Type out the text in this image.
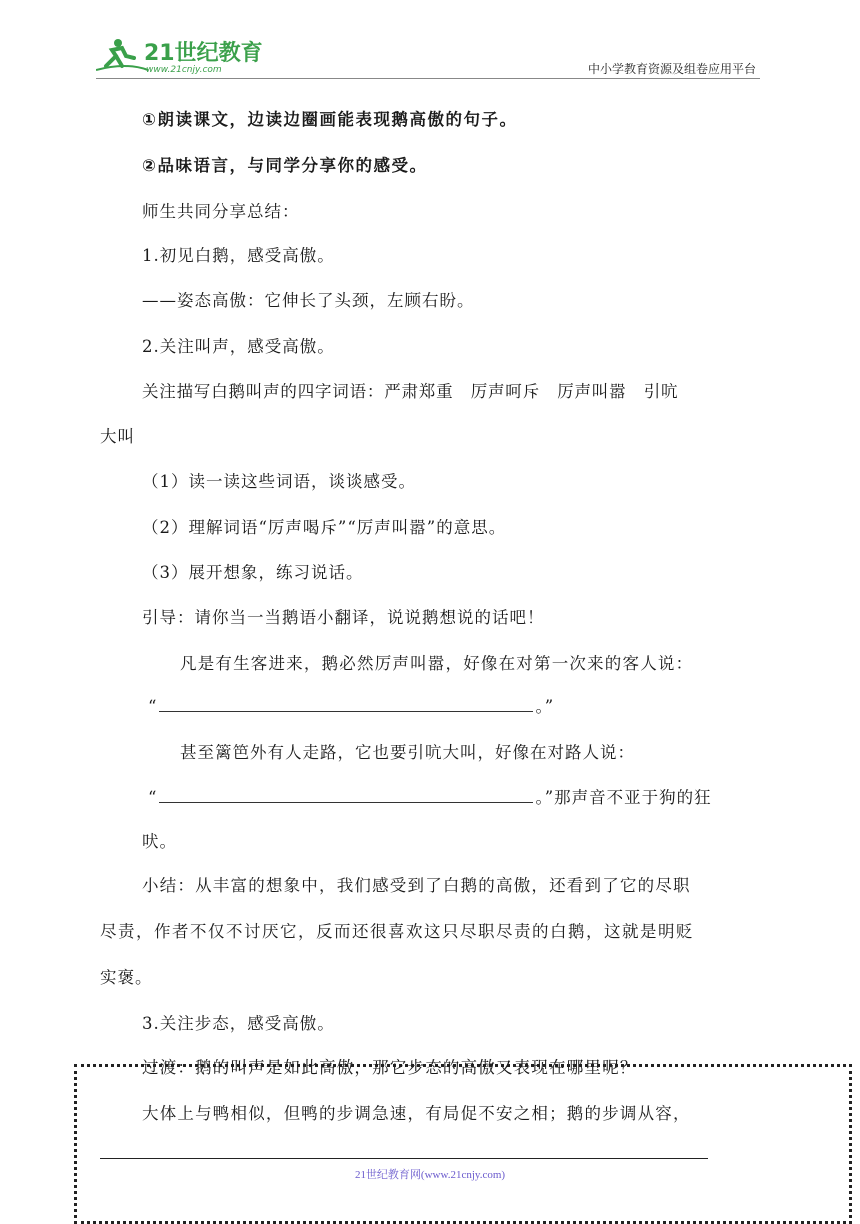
21世纪教育
www.21cnjy.com	中小学教育资源及组卷应用平台
①朗读课文，边读边圈画能表现鹅高傲的句子。
②品味语言，与同学分享你的感受。
师生共同分享总结：
1.初见白鹅，感受高傲。
——姿态高傲：它伸长了头颈，左顾右盼。
2.关注叫声，感受高傲。
关注描写白鹅叫声的四字词语：严肃郑重　厉声呵斥　厉声叫嚣　引吭
大叫
（1）读一读这些词语，谈谈感受。
（2）理解词语“厉声喝斥”“厉声叫嚣”的意思。
（3）展开想象，练习说话。
引导：请你当一当鹅语小翻译，说说鹅想说的话吧！
凡是有生客进来，鹅必然厉声叫嚣，好像在对第一次来的客人说：
“	。”
甚至篱笆外有人走路，它也要引吭大叫，好像在对路人说：
“	。”那声音不亚于狗的狂
吠。
小结：从丰富的想象中，我们感受到了白鹅的高傲，还看到了它的尽职
尽责，作者不仅不讨厌它，反而还很喜欢这只尽职尽责的白鹅，这就是明贬
实褒。
3.关注步态，感受高傲。
过渡：鹅的叫声是如此高傲，那它步态的高傲又表现在哪里呢？
大体上与鸭相似，但鸭的步调急速，有局促不安之相；鹅的步调从容，
21世纪教育网(www.21cnjy.com)
